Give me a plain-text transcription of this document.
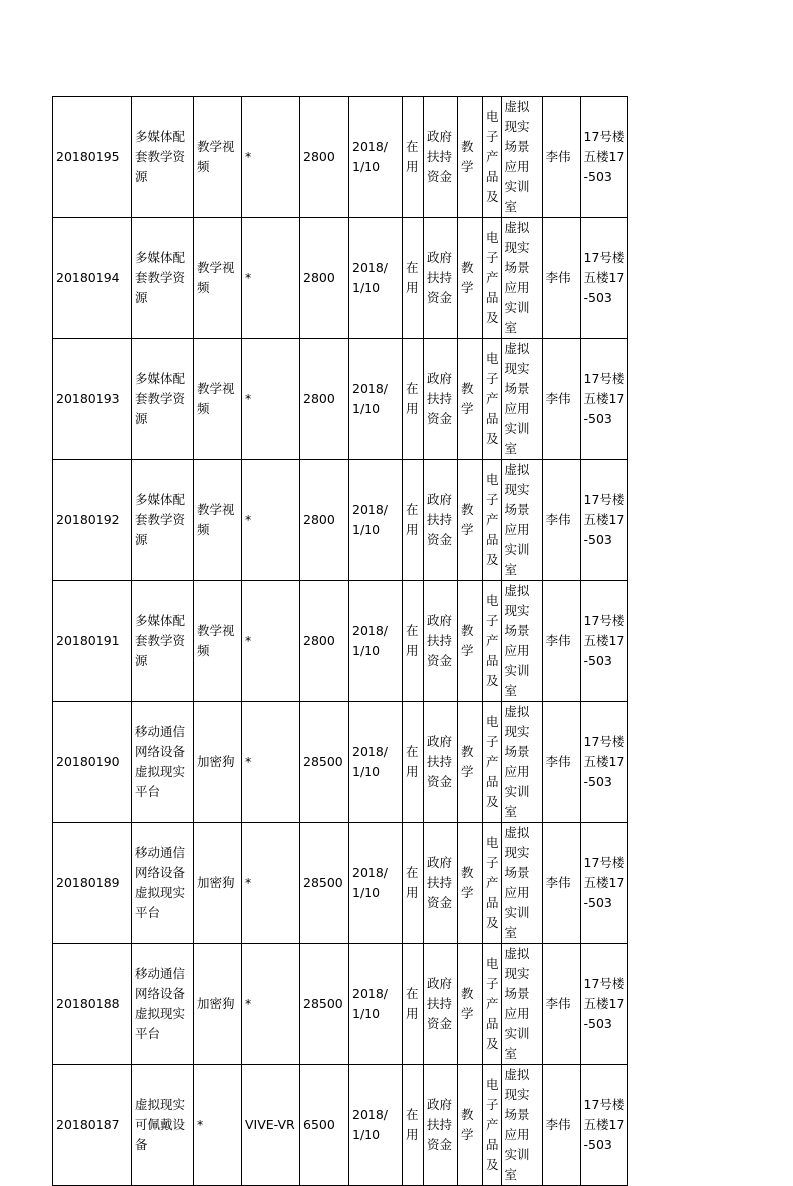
20180195	多媒体配套教学资源	教学视频	*	2800	2018/1/10	在用	政府扶持资金	教学	电子产品及	虚拟现实场景应用实训室	李伟	17号楼五楼17-503
20180194	多媒体配套教学资源	教学视频	*	2800	2018/1/10	在用	政府扶持资金	教学	电子产品及	虚拟现实场景应用实训室	李伟	17号楼五楼17-503
20180193	多媒体配套教学资源	教学视频	*	2800	2018/1/10	在用	政府扶持资金	教学	电子产品及	虚拟现实场景应用实训室	李伟	17号楼五楼17-503
20180192	多媒体配套教学资源	教学视频	*	2800	2018/1/10	在用	政府扶持资金	教学	电子产品及	虚拟现实场景应用实训室	李伟	17号楼五楼17-503
20180191	多媒体配套教学资源	教学视频	*	2800	2018/1/10	在用	政府扶持资金	教学	电子产品及	虚拟现实场景应用实训室	李伟	17号楼五楼17-503
20180190	移动通信网络设备虚拟现实平台	加密狗	*	28500	2018/1/10	在用	政府扶持资金	教学	电子产品及	虚拟现实场景应用实训室	李伟	17号楼五楼17-503
20180189	移动通信网络设备虚拟现实平台	加密狗	*	28500	2018/1/10	在用	政府扶持资金	教学	电子产品及	虚拟现实场景应用实训室	李伟	17号楼五楼17-503
20180188	移动通信网络设备虚拟现实平台	加密狗	*	28500	2018/1/10	在用	政府扶持资金	教学	电子产品及	虚拟现实场景应用实训室	李伟	17号楼五楼17-503
20180187	虚拟现实可佩戴设备	*	VIVE-VR	6500	2018/1/10	在用	政府扶持资金	教学	电子产品及	虚拟现实场景应用实训室	李伟	17号楼五楼17-503
